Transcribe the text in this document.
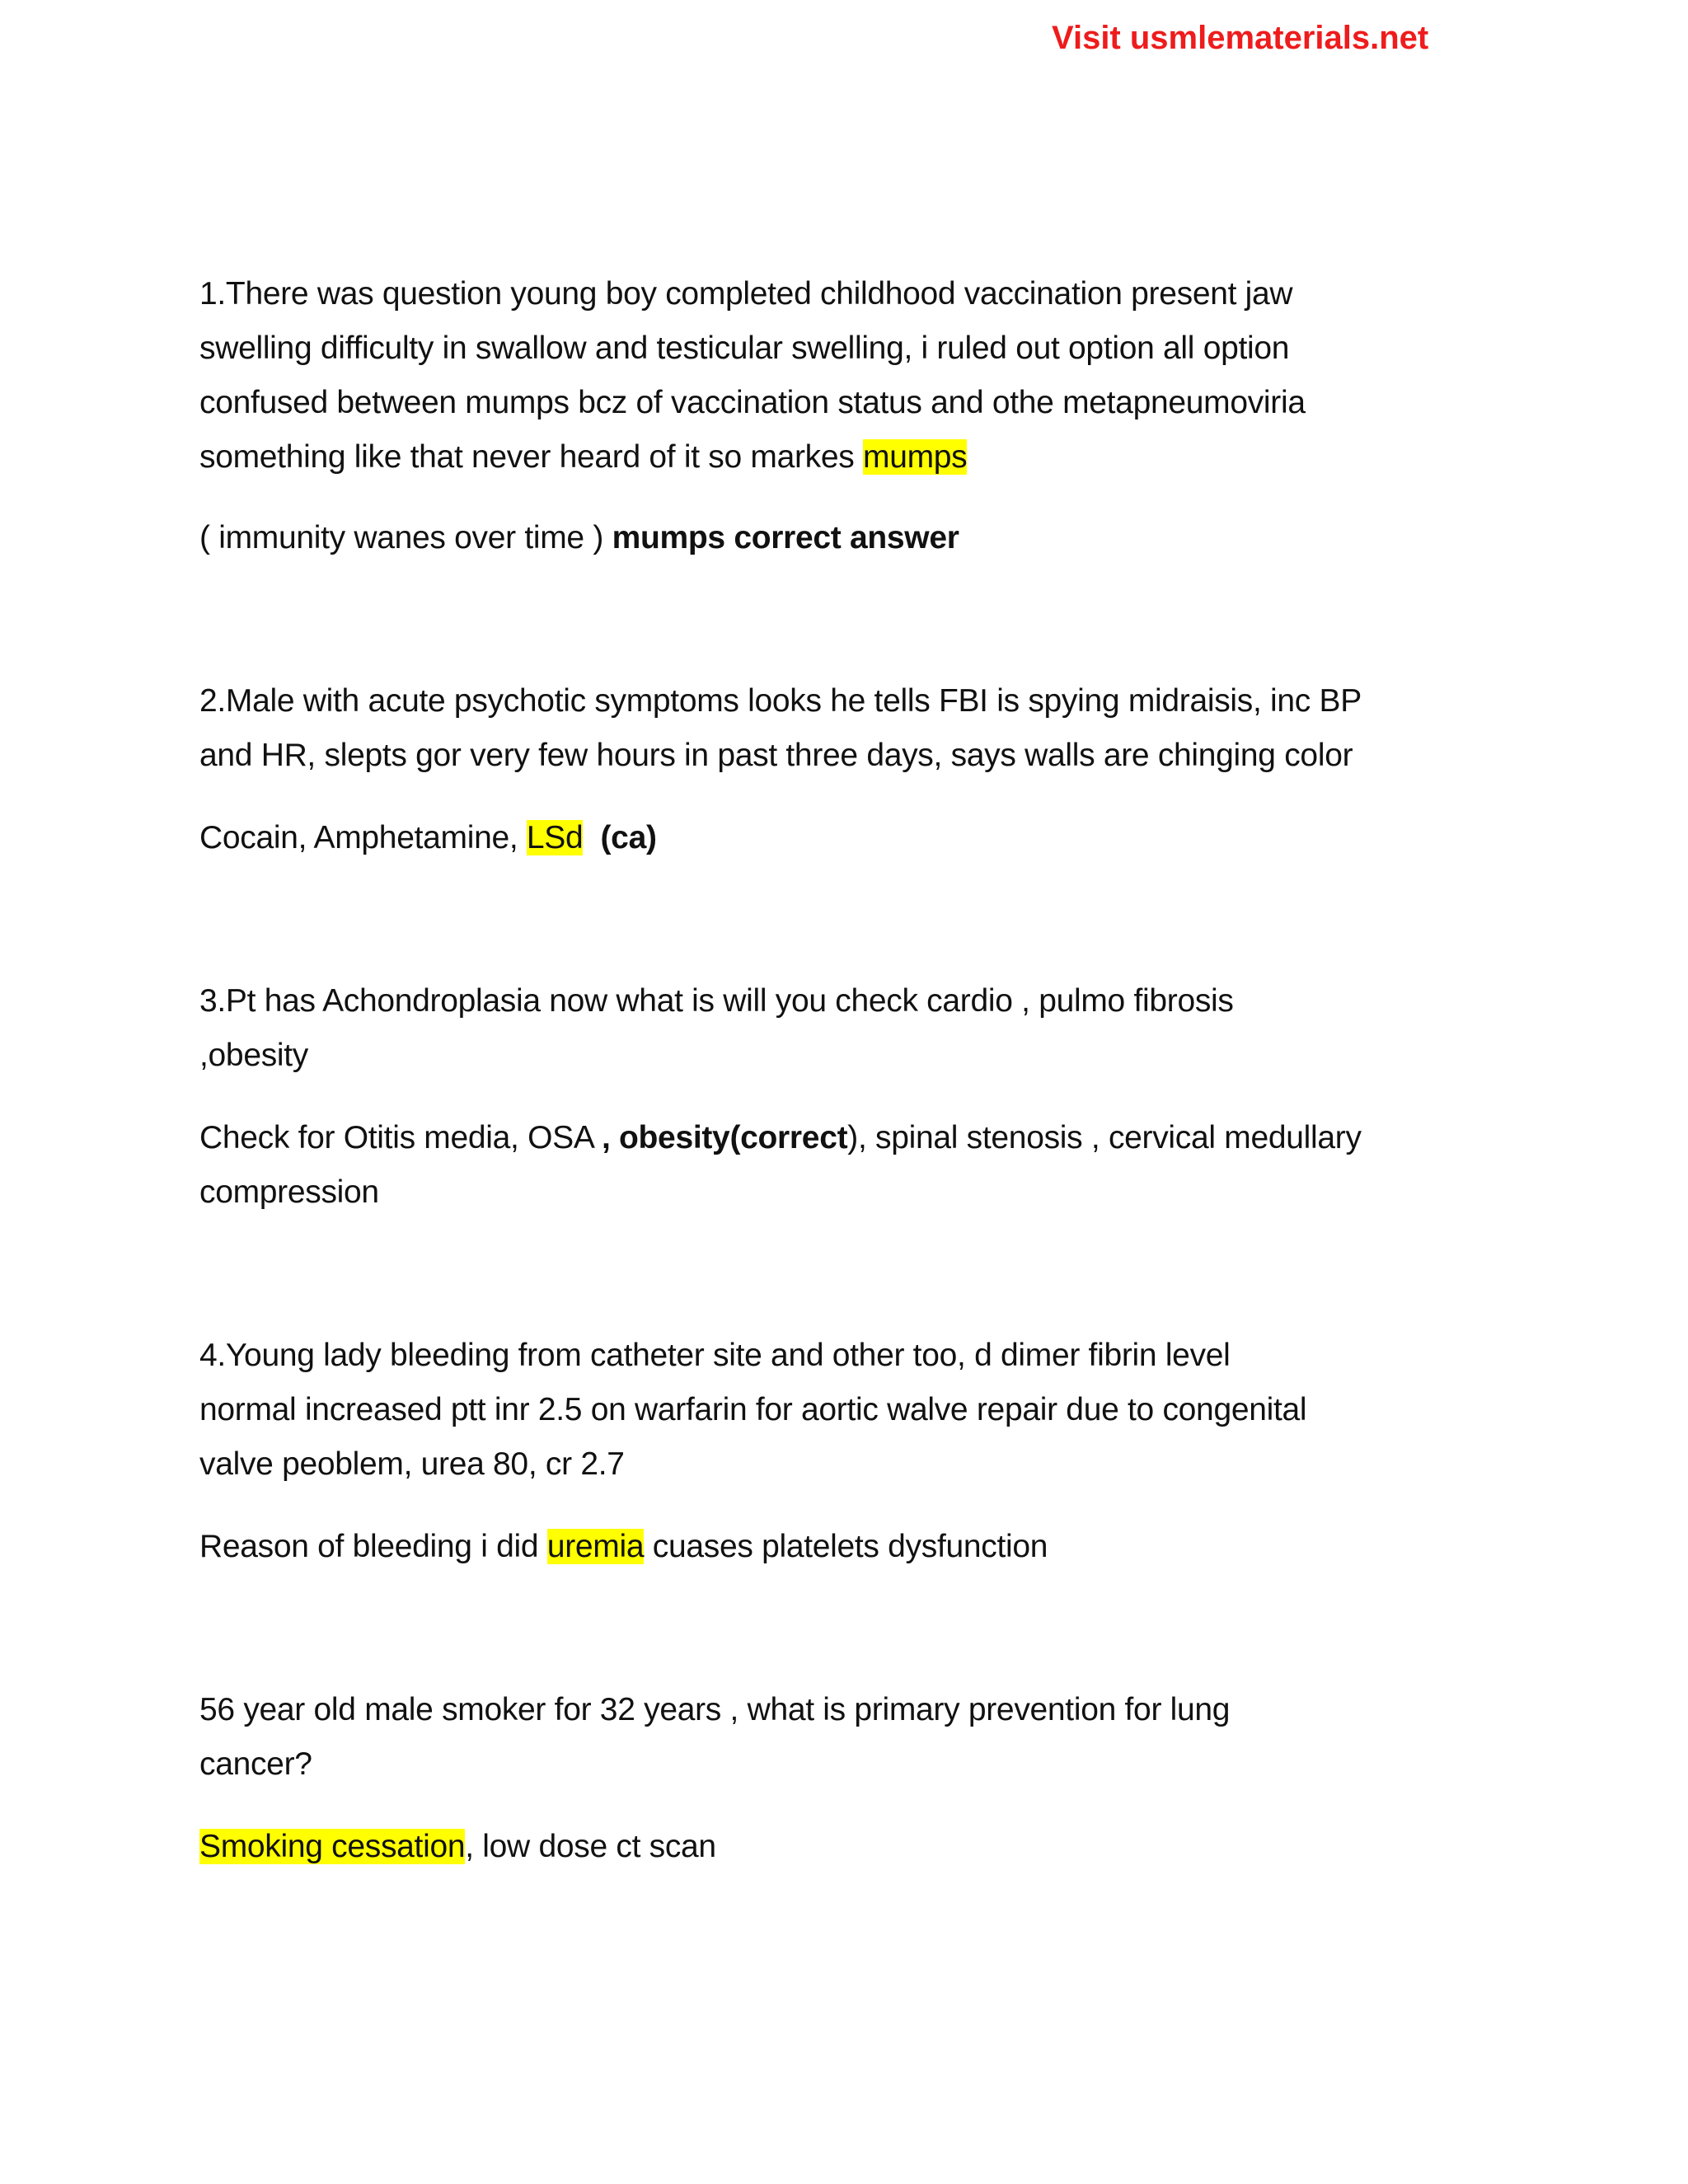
Visit usmlematerials.net
1.There was question young boy completed childhood vaccination present jaw
swelling difficulty in swallow and testicular swelling, i ruled out option all option
confused between mumps bcz of vaccination status and othe metapneumoviria
something like that never heard of it so markes mumps
( immunity wanes over time ) mumps correct answer
2.Male with acute psychotic symptoms looks he tells FBI is spying midraisis, inc BP
and HR, slepts gor very few hours in past three days, says walls are chinging color
Cocain, Amphetamine, LSd (ca)
3.Pt has Achondroplasia now what is will you check cardio , pulmo fibrosis
,obesity
Check for Otitis media, OSA , obesity(correct), spinal stenosis , cervical medullary
compression
4.Young lady bleeding from catheter site and other too, d dimer fibrin level
normal increased ptt inr 2.5 on warfarin for aortic walve repair due to congenital
valve peoblem, urea 80, cr 2.7
Reason of bleeding i did uremia cuases platelets dysfunction
56 year old male smoker for 32 years , what is primary prevention for lung
cancer?
Smoking cessation, low dose ct scan
